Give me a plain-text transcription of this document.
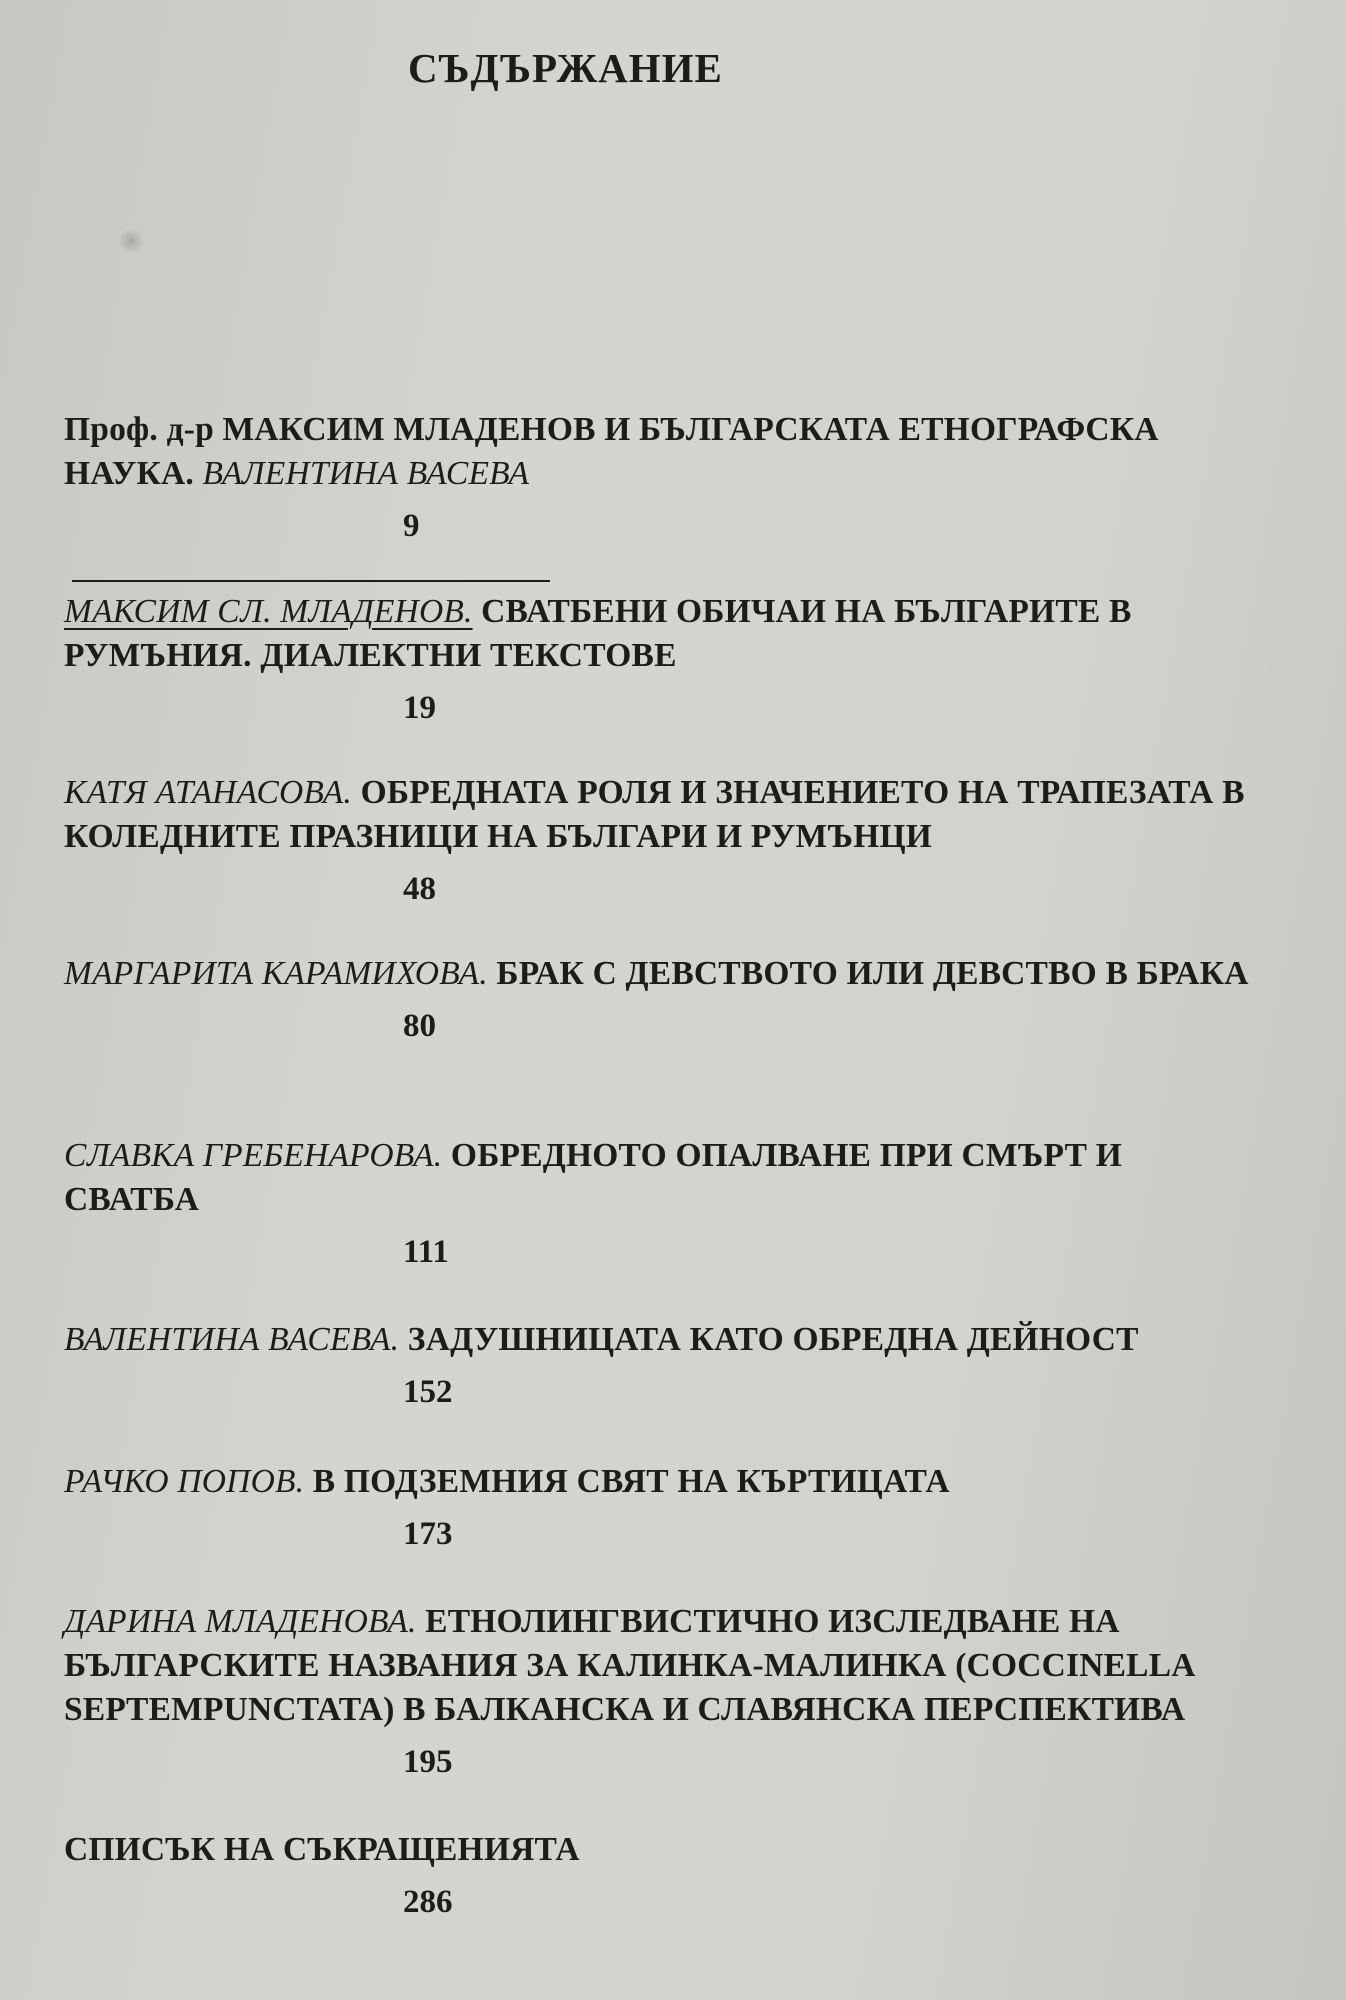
СЪДЪРЖАНИЕ

Проф. д-р МАКСИМ МЛАДЕНОВ И БЪЛГАРСКАТА ЕТНОГРАФСКА НАУКА. ВАЛЕНТИНА ВАСЕВА

9

МАКСИМ СЛ. МЛАДЕНОВ. СВАТБЕНИ ОБИЧАИ НА БЪЛГАРИТЕ В РУМЪНИЯ. ДИАЛЕКТНИ ТЕКСТОВЕ

19

КАТЯ АТАНАСОВА. ОБРЕДНАТА РОЛЯ И ЗНАЧЕНИЕТО НА ТРАПЕЗАТА В КОЛЕДНИТЕ ПРАЗНИЦИ НА БЪЛГАРИ И РУМЪНЦИ

48

МАРГАРИТА КАРАМИХОВА. БРАК С ДЕВСТВОТО ИЛИ ДЕВСТВО В БРАКА

80

СЛАВКА ГРЕБЕНАРОВА. ОБРЕДНОТО ОПАЛВАНЕ ПРИ СМЪРТ И СВАТБА

111

ВАЛЕНТИНА ВАСЕВА. ЗАДУШНИЦАТА КАТО ОБРЕДНА ДЕЙНОСТ

152

РАЧКО ПОПОВ. В ПОДЗЕМНИЯ СВЯТ НА КЪРТИЦАТА

173

ДАРИНА МЛАДЕНОВА. ЕТНОЛИНГВИСТИЧНО ИЗСЛЕДВАНЕ НА БЪЛГАРСКИТЕ НАЗВАНИЯ ЗА КАЛИНКА-МАЛИНКА (COCCINELLA SEPTEMPUNCTATA) В БАЛКАНСКА И СЛАВЯНСКА ПЕРСПЕКТИВА

195

СПИСЪК НА СЪКРАЩЕНИЯТА

286
